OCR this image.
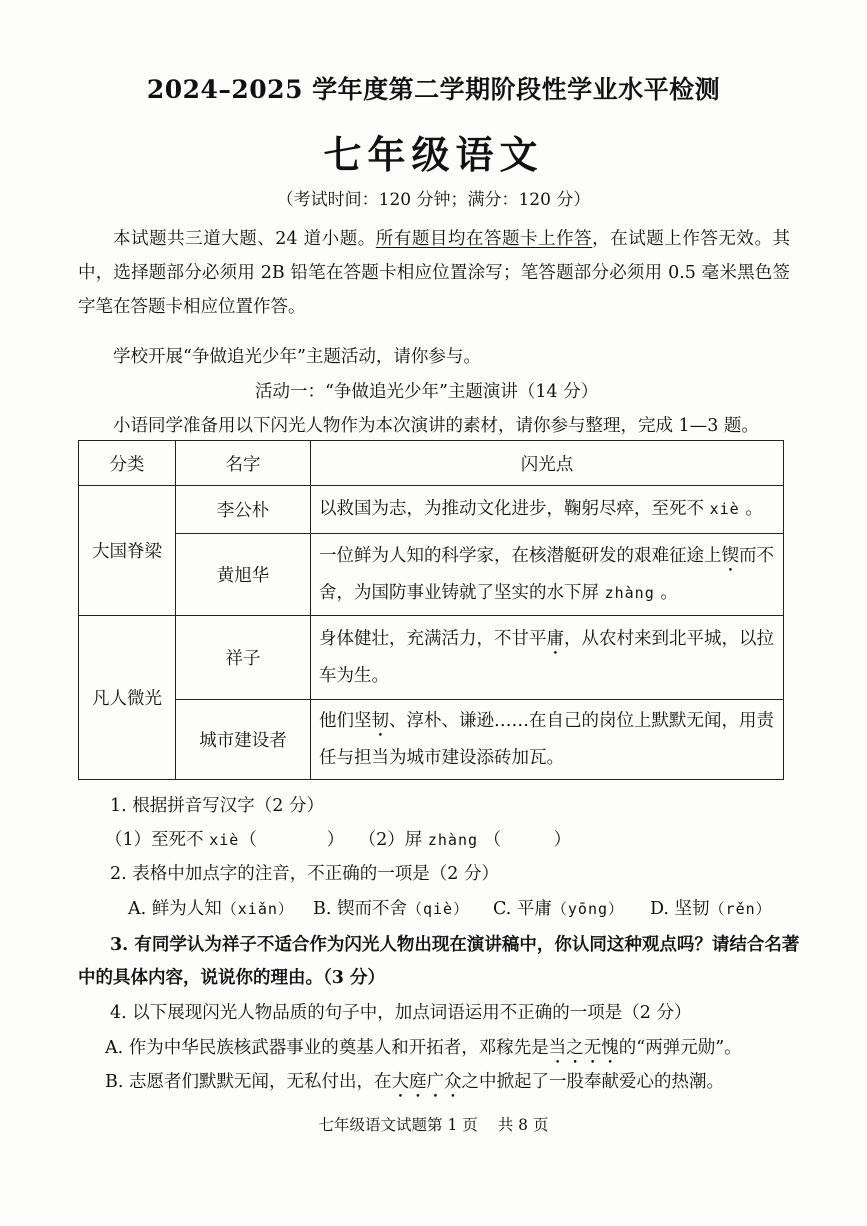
2024–2025 学年度第二学期阶段性学业水平检测
七年级语文
（考试时间：120 分钟；满分：120 分）
本试题共三道大题、24 道小题。所有题目均在答题卡上作答，在试题上作答无效。其中，选择题部分必须用 2B 铅笔在答题卡相应位置涂写；笔答题部分必须用 0.5 毫米黑色签字笔在答题卡相应位置作答。
学校开展“争做追光少年”主题活动，请你参与。
活动一：“争做追光少年”主题演讲（14 分）
小语同学准备用以下闪光人物作为本次演讲的素材，请你参与整理，完成 1—3 题。
分类	名字	闪光点
大国脊梁	李公朴	以救国为志，为推动文化进步，鞠躬尽瘁，至死不 xiè 。
	黄旭华	一位鲜为人知的科学家，在核潜艇研发的艰难征途上锲而不舍，为国防事业铸就了坚实的水下屏 zhàng 。
凡人微光	祥子	身体健壮，充满活力，不甘平庸，从农村来到北平城，以拉车为生。
	城市建设者	他们坚韧、淳朴、谦逊……在自己的岗位上默默无闻，用责任与担当为城市建设添砖加瓦。
1. 根据拼音写汉字（2 分）
（1）至死不 xiè（　　　　）　 （2）屏 zhàng （　　　）
2. 表格中加点字的注音，不正确的一项是（2 分）
A. 鲜为人知（xiǎn） B. 锲而不舍（qiè） C. 平庸（yōng） D. 坚韧（rěn）
3. 有同学认为祥子不适合作为闪光人物出现在演讲稿中，你认同这种观点吗？请结合名著
中的具体内容，说说你的理由。（3 分）
4. 以下展现闪光人物品质的句子中，加点词语运用不正确的一项是（2 分）
A. 作为中华民族核武器事业的奠基人和开拓者，邓稼先是当之无愧的“两弹元勋”。
B. 志愿者们默默无闻，无私付出，在大庭广众之中掀起了一股奉献爱心的热潮。
七年级语文试题第 1 页 共 8 页
